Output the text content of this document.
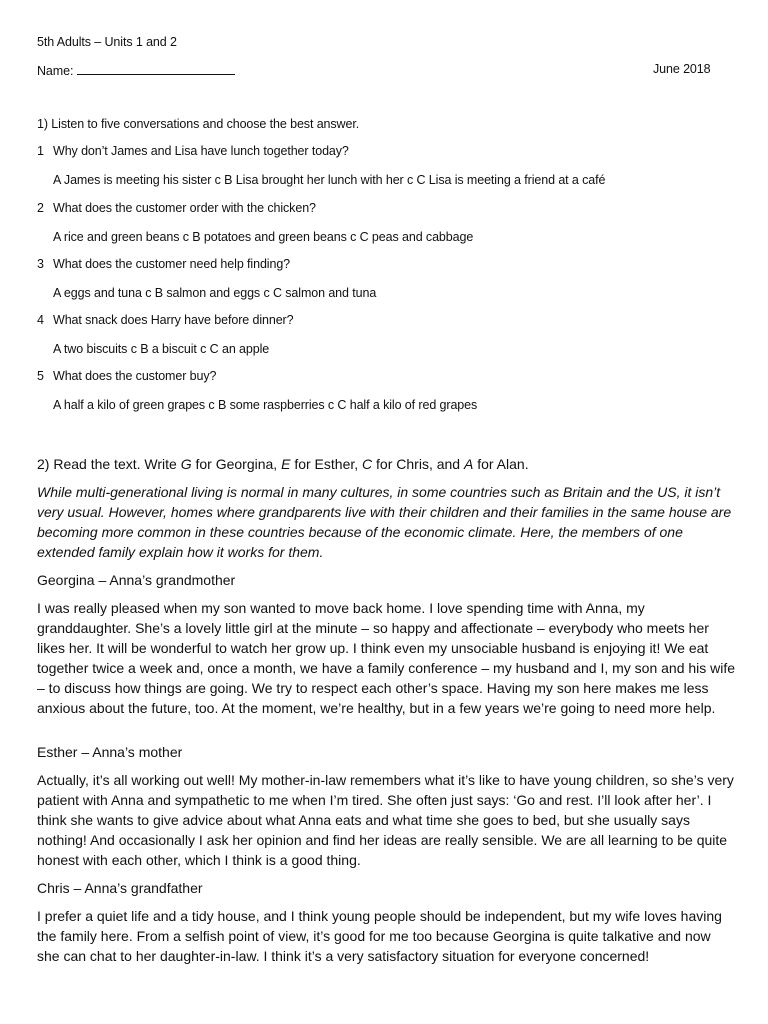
5th Adults – Units 1 and 2
Name:	June 2018
1) Listen to five conversations and choose the best answer.
1 Why don’t James and Lisa have lunch together today?
A James is meeting his sister c B Lisa brought her lunch with her c C Lisa is meeting a friend at a café
2 What does the customer order with the chicken?
A rice and green beans c B potatoes and green beans c C peas and cabbage
3 What does the customer need help finding?
A eggs and tuna c B salmon and eggs c C salmon and tuna
4 What snack does Harry have before dinner?
A two biscuits c B a biscuit c C an apple
5 What does the customer buy?
A half a kilo of green grapes c B some raspberries c C half a kilo of red grapes
2) Read the text. Write G for Georgina, E for Esther, C for Chris, and A for Alan.
While multi-generational living is normal in many cultures, in some countries such as Britain and the US, it isn’t very usual. However, homes where grandparents live with their children and their families in the same house are becoming more common in these countries because of the economic climate. Here, the members of one extended family explain how it works for them.
Georgina – Anna’s grandmother
I was really pleased when my son wanted to move back home. I love spending time with Anna, my granddaughter. She’s a lovely little girl at the minute – so happy and affectionate – everybody who meets her likes her. It will be wonderful to watch her grow up. I think even my unsociable husband is enjoying it! We eat together twice a week and, once a month, we have a family conference – my husband and I, my son and his wife – to discuss how things are going. We try to respect each other’s space. Having my son here makes me less anxious about the future, too. At the moment, we’re healthy, but in a few years we’re going to need more help.
Esther – Anna’s mother
Actually, it’s all working out well! My mother-in-law remembers what it’s like to have young children, so she’s very patient with Anna and sympathetic to me when I’m tired. She often just says: ‘Go and rest. I’ll look after her’. I think she wants to give advice about what Anna eats and what time she goes to bed, but she usually says nothing! And occasionally I ask her opinion and find her ideas are really sensible. We are all learning to be quite honest with each other, which I think is a good thing.
Chris – Anna’s grandfather
I prefer a quiet life and a tidy house, and I think young people should be independent, but my wife loves having the family here. From a selfish point of view, it’s good for me too because Georgina is quite talkative and now she can chat to her daughter-in-law. I think it’s a very satisfactory situation for everyone concerned!
